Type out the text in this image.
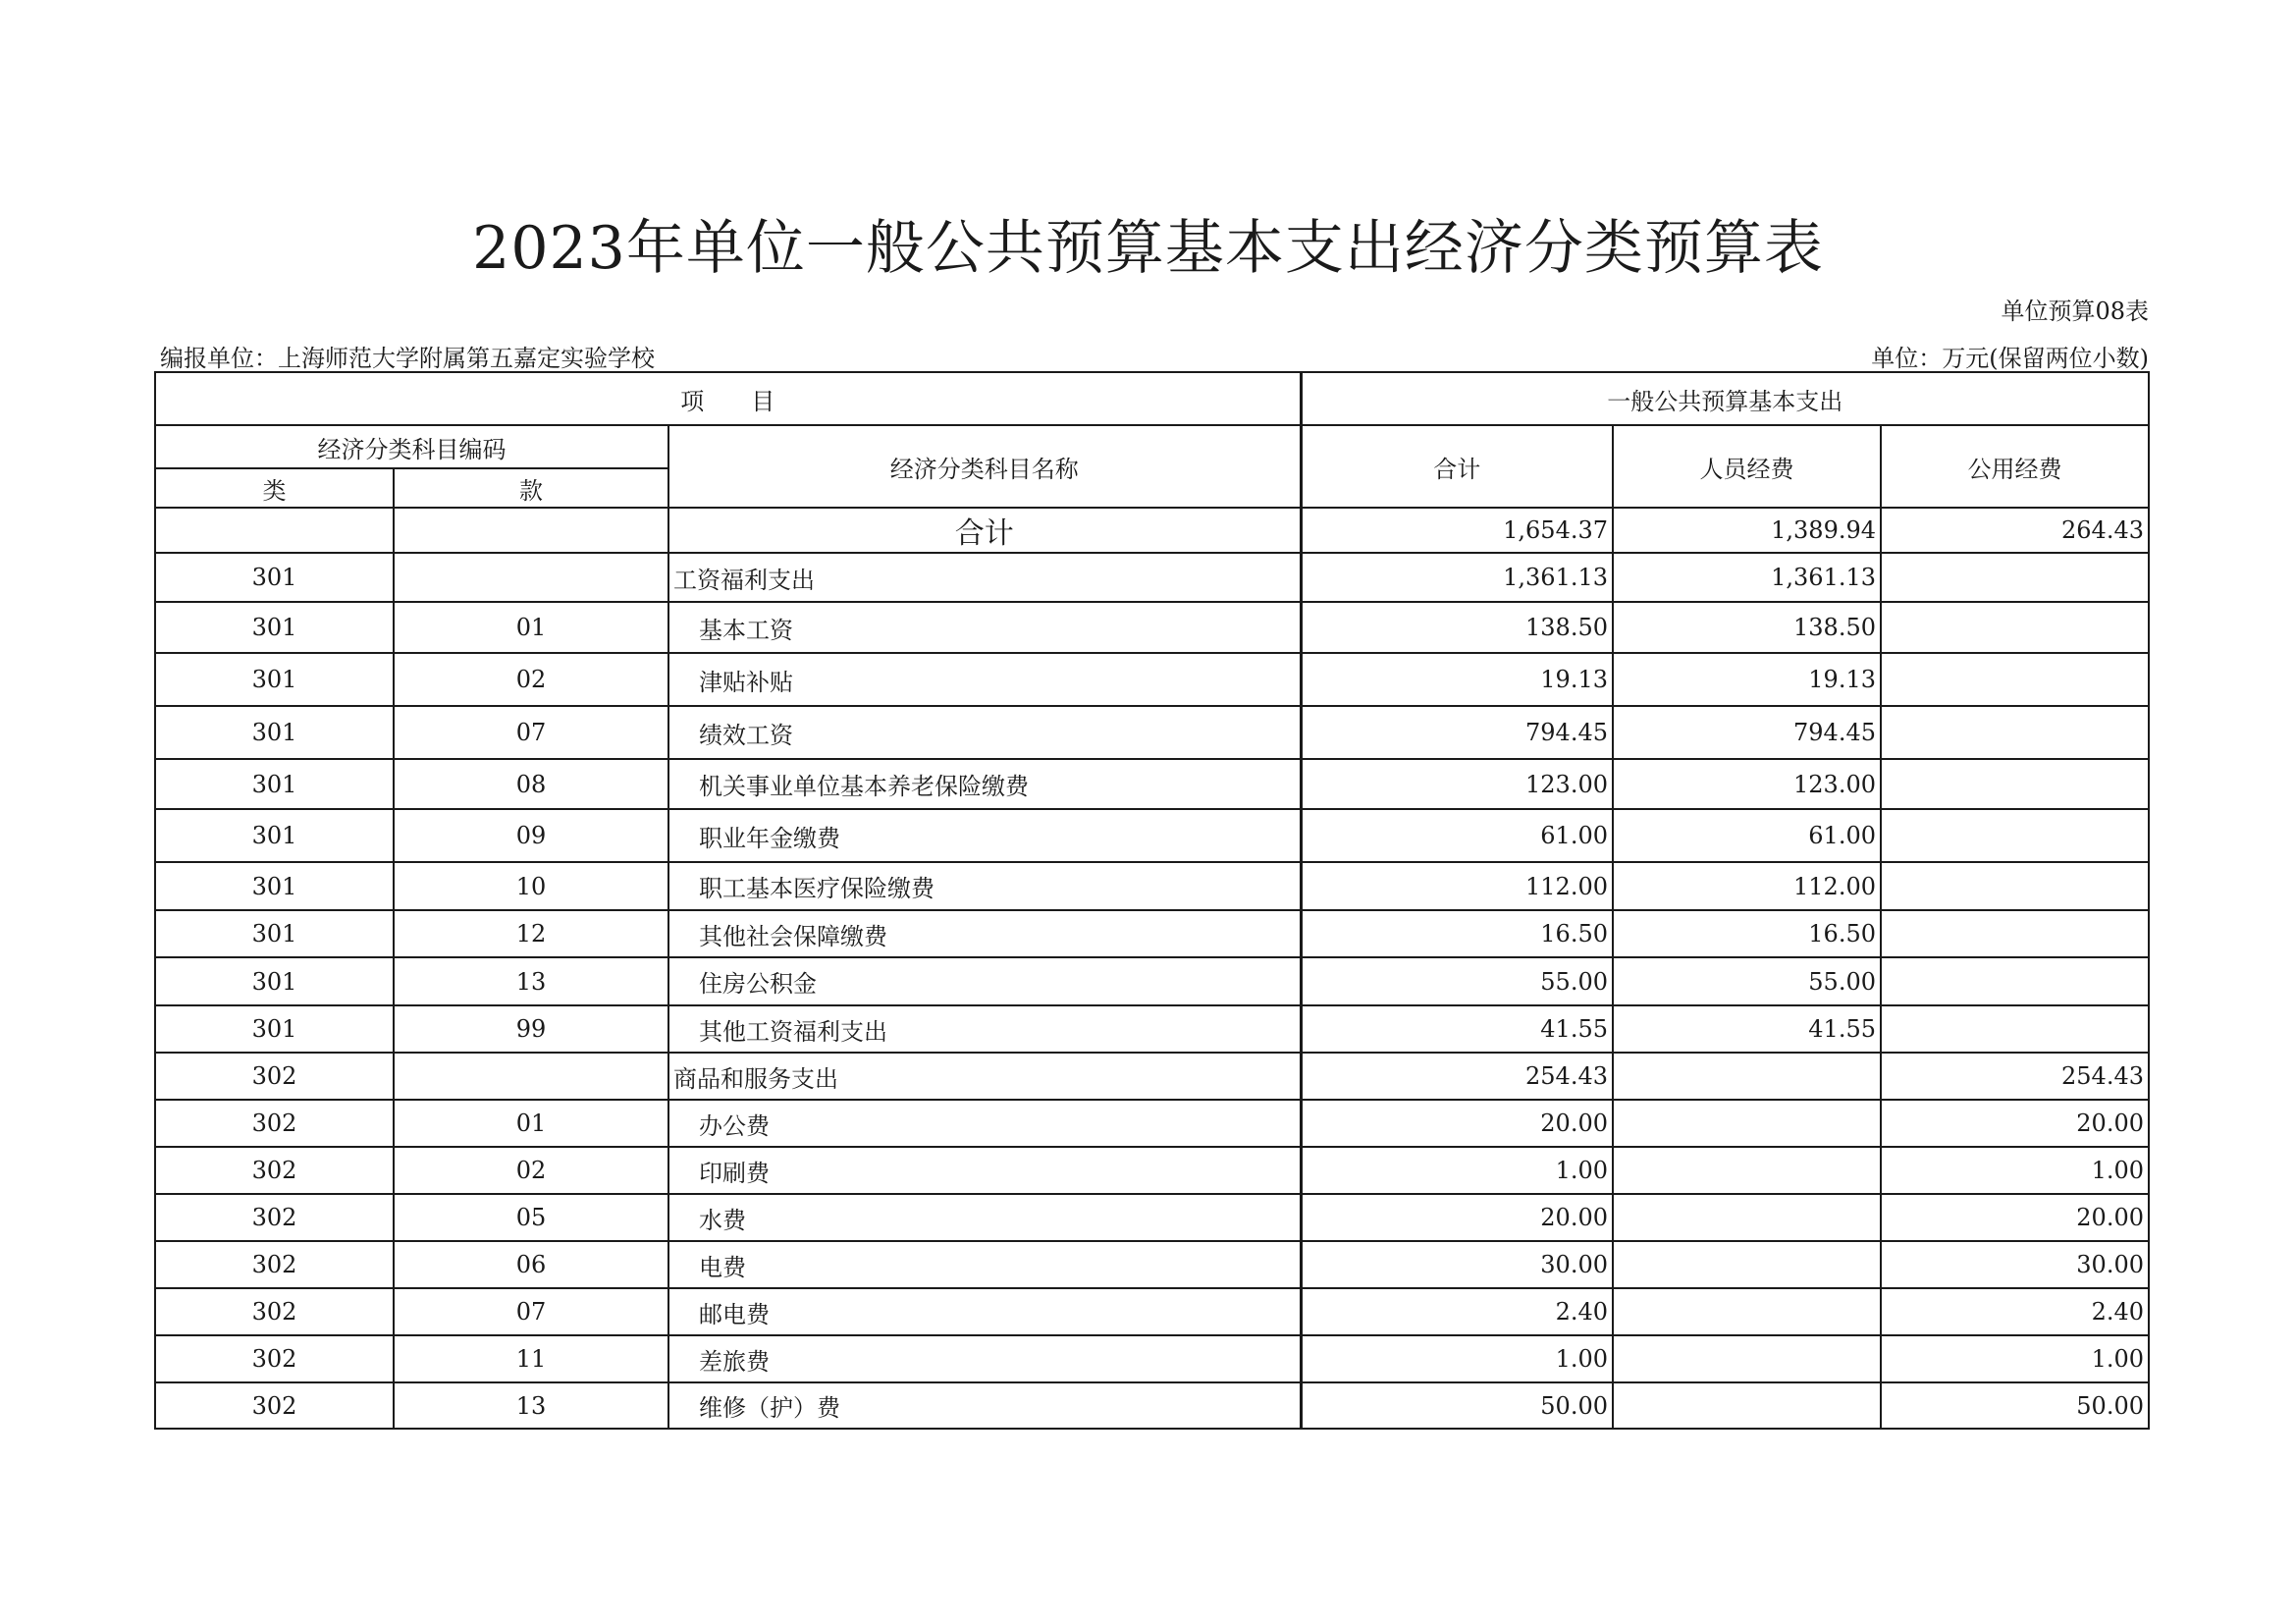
2023年单位一般公共预算基本支出经济分类预算表
单位预算08表
编报单位：上海师范大学附属第五嘉定实验学校	单位：万元(保留两位小数)
项　　目			一般公共预算基本支出		
经济分类科目编码		经济分类科目名称	合计	人员经费	公用经费
类	款				
		合计	1,654.37	1,389.94	264.43
301		工资福利支出	1,361.13	1,361.13	
301	01	基本工资	138.50	138.50	
301	02	津贴补贴	19.13	19.13	
301	07	绩效工资	794.45	794.45	
301	08	机关事业单位基本养老保险缴费	123.00	123.00	
301	09	职业年金缴费	61.00	61.00	
301	10	职工基本医疗保险缴费	112.00	112.00	
301	12	其他社会保障缴费	16.50	16.50	
301	13	住房公积金	55.00	55.00	
301	99	其他工资福利支出	41.55	41.55	
302		商品和服务支出	254.43		254.43
302	01	办公费	20.00		20.00
302	02	印刷费	1.00		1.00
302	05	水费	20.00		20.00
302	06	电费	30.00		30.00
302	07	邮电费	2.40		2.40
302	11	差旅费	1.00		1.00
302	13	维修（护）费	50.00		50.00
